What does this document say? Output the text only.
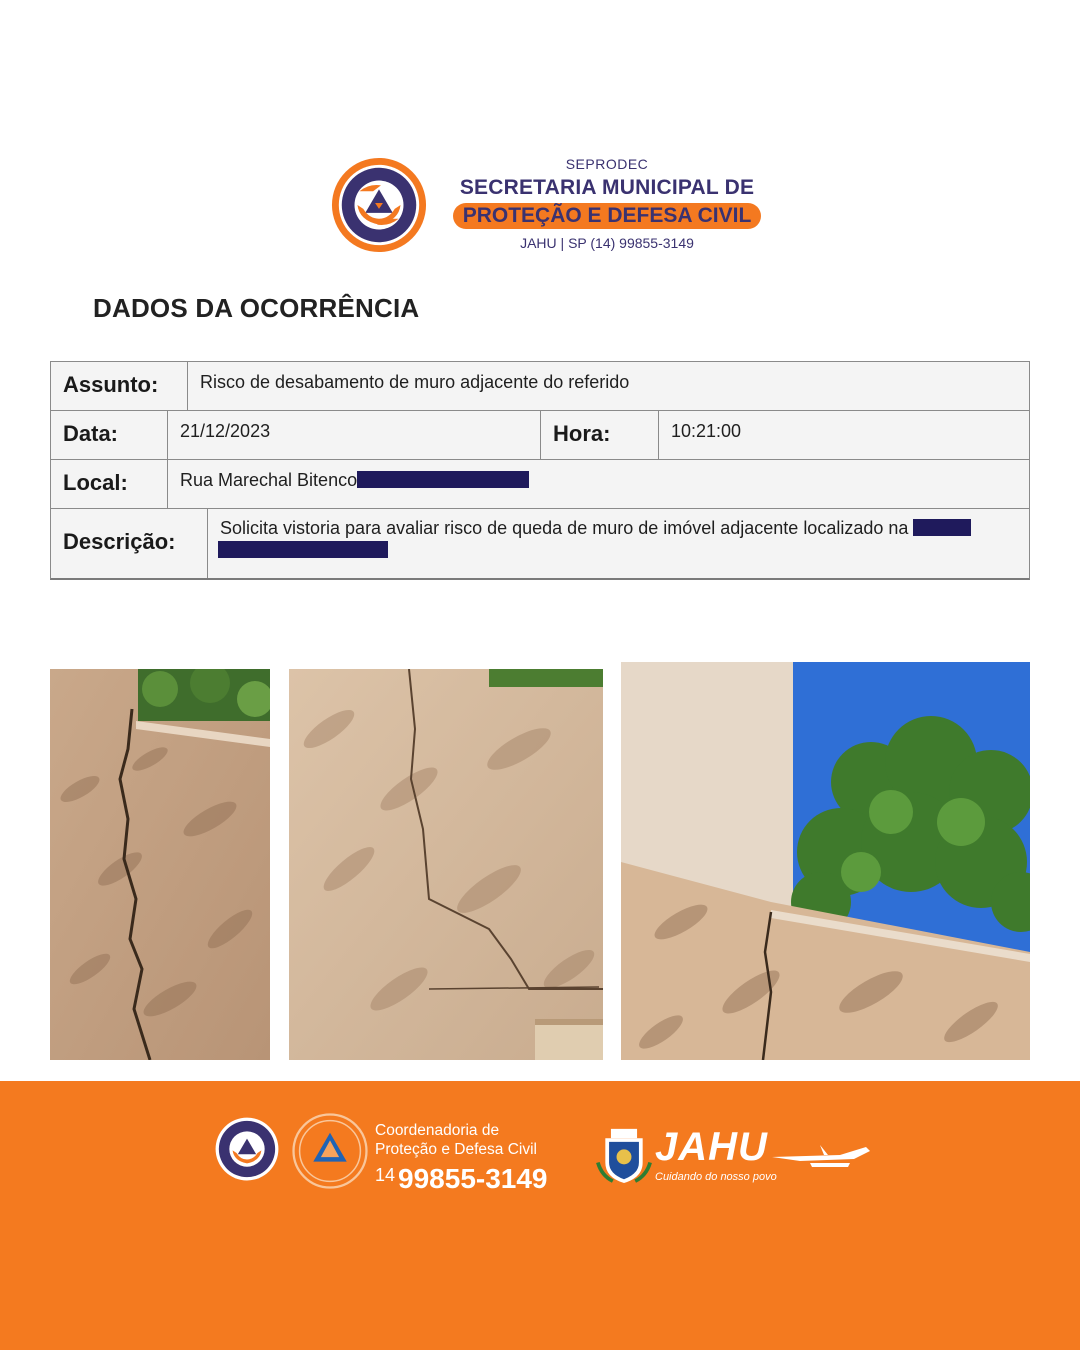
SEPRODEC
SECRETARIA MUNICIPAL DE
PROTEÇÃO E DEFESA CIVIL
JAHU | SP (14) 99855-3149
DADOS DA OCORRÊNCIA
Assunto:	Risco de desabamento de muro adjacente do referido
Data:	21/12/2023	Hora:	10:21:00
Local:	Rua Marechal Bitenco
Descrição:
Solicita vistoria para avaliar risco de queda de muro de imóvel adjacente localizado na

Coordenadoria de
Proteção e Defesa Civil
$^{14}$ 99855-3149
JAHU
Cuidando do nosso povo
